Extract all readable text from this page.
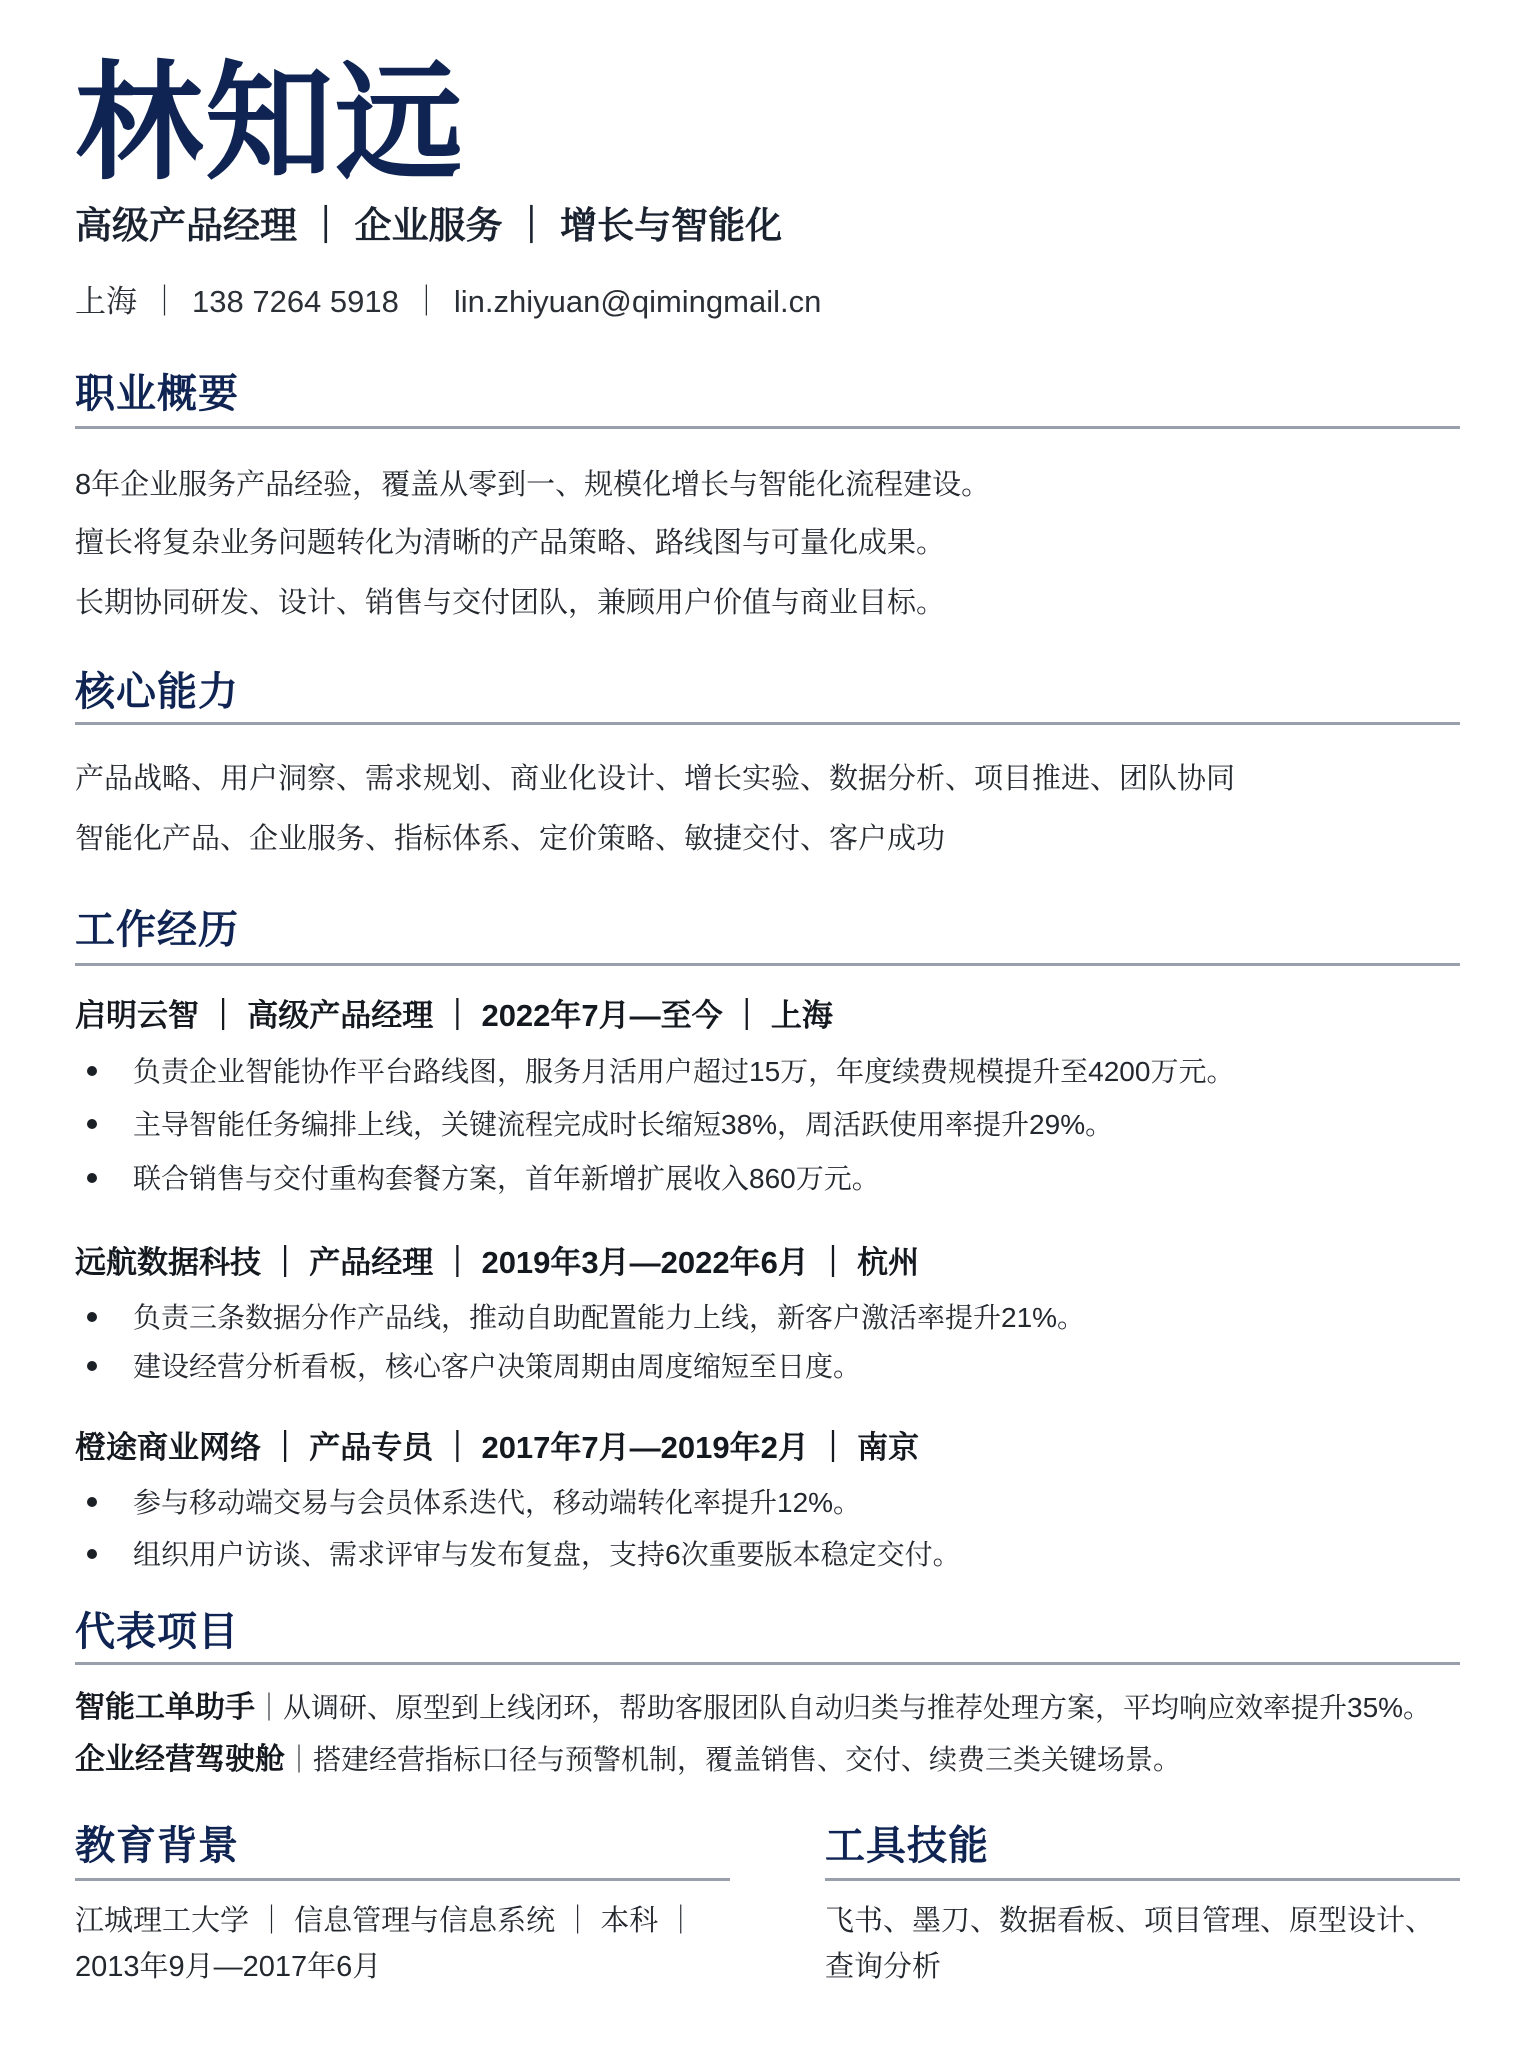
林知远
高级产品经理 ｜ 企业服务 ｜ 增长与智能化
上海 ｜ 138 7264 5918 ｜ lin.zhiyuan@qimingmail.cn
职业概要
8年企业服务产品经验，覆盖从零到一、规模化增长与智能化流程建设。
擅长将复杂业务问题转化为清晰的产品策略、路线图与可量化成果。
长期协同研发、设计、销售与交付团队，兼顾用户价值与商业目标。
核心能力
产品战略、用户洞察、需求规划、商业化设计、增长实验、数据分析、项目推进、团队协同
智能化产品、企业服务、指标体系、定价策略、敏捷交付、客户成功
工作经历
启明云智 ｜ 高级产品经理 ｜ 2022年7月—至今 ｜ 上海
负责企业智能协作平台路线图，服务月活用户超过15万，年度续费规模提升至4200万元。
主导智能任务编排上线，关键流程完成时长缩短38%，周活跃使用率提升29%。
联合销售与交付重构套餐方案，首年新增扩展收入860万元。
远航数据科技 ｜ 产品经理 ｜ 2019年3月—2022年6月 ｜ 杭州
负责三条数据分作产品线，推动自助配置能力上线，新客户激活率提升21%。
建设经营分析看板，核心客户决策周期由周度缩短至日度。
橙途商业网络 ｜ 产品专员 ｜ 2017年7月—2019年2月 ｜ 南京
参与移动端交易与会员体系迭代，移动端转化率提升12%。
组织用户访谈、需求评审与发布复盘，支持6次重要版本稳定交付。
代表项目
智能工单助手｜从调研、原型到上线闭环，帮助客服团队自动归类与推荐处理方案，平均响应效率提升35%。
企业经营驾驶舱｜搭建经营指标口径与预警机制，覆盖销售、交付、续费三类关键场景。
教育背景
江城理工大学 ｜ 信息管理与信息系统 ｜ 本科 ｜
2013年9月—2017年6月
工具技能
飞书、墨刀、数据看板、项目管理、原型设计、
查询分析
